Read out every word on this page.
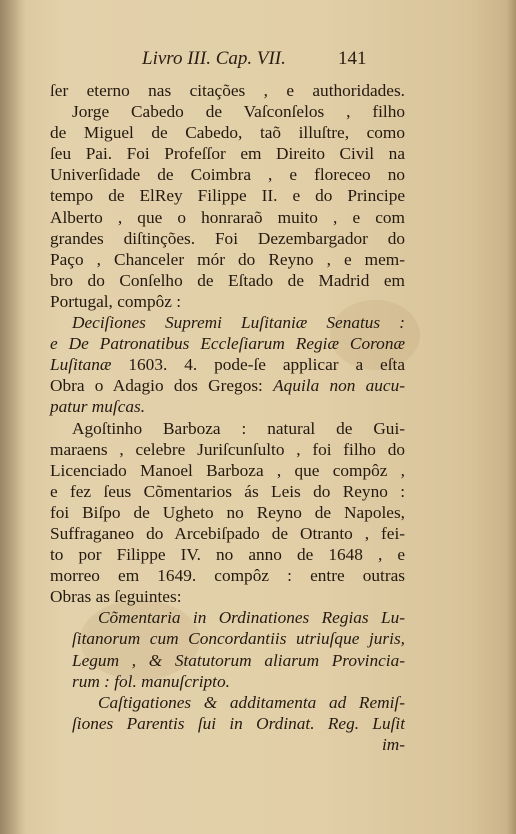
Livro III. Cap. VII.	141
ſer eterno nas citações , e authoridades.
Jorge Cabedo de Vaſconſelos , filho
de Miguel de Cabedo, taõ illuſtre, como
ſeu Pai. Foi Profeſſor em Direito Civil na
Univerſidade de Coimbra , e floreceo no
tempo de ElRey Filippe II. e do Principe
Alberto , que o honraraõ muito , e com
grandes diſtinções. Foi Dezembargador do
Paço , Chanceler mór do Reyno , e mem-
bro do Conſelho de Eſtado de Madrid em
Portugal, compôz :
Deciſiones Supremi Luſitaniæ Senatus :
e De Patronatibus Eccleſiarum Regiæ Coronæ
Luſitanæ 1603. 4. pode-ſe applicar a eſta
Obra o Adagio dos Gregos: Aquila non aucu-
patur muſcas.
Agoſtinho Barboza : natural de Gui-
maraens , celebre Juriſcunſulto , foi filho do
Licenciado Manoel Barboza , que compôz ,
e fez ſeus Cõmentarios ás Leis do Reyno :
foi Biſpo de Ugheto no Reyno de Napoles,
Suffraganeo do Arcebiſpado de Otranto , fei-
to por Filippe IV. no anno de 1648 , e
morreo em 1649. compôz : entre outras
Obras as ſeguintes:
Cõmentaria in Ordinationes Regias Lu-
ſitanorum cum Concordantiis utriuſque juris,
Legum , & Statutorum aliarum Provincia-
rum : fol. manuſcripto.
Caſtigationes & additamenta ad Remiſ-
ſiones Parentis ſui in Ordinat. Reg. Luſit
im-
